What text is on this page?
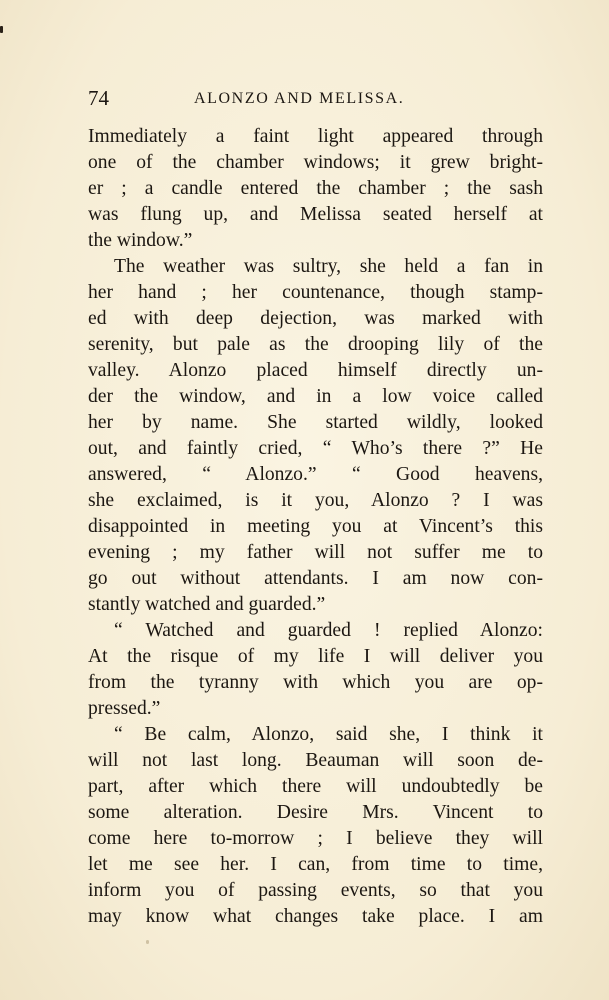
74	ALONZO AND MELISSA.
Immediately a faint light appeared through
one of the chamber windows; it grew bright-
er ; a candle entered the chamber ; the sash
was flung up, and Melissa seated herself at
the window.”
The weather was sultry, she held a fan in
her hand ; her countenance, though stamp-
ed with deep dejection, was marked with
serenity, but pale as the drooping lily of the
valley. Alonzo placed himself directly un-
der the window, and in a low voice called
her by name. She started wildly, looked
out, and faintly cried, “ Who’s there ?” He
answered, “ Alonzo.” “ Good heavens,
she exclaimed, is it you, Alonzo ? I was
disappointed in meeting you at Vincent’s this
evening ; my father will not suffer me to
go out without attendants. I am now con-
stantly watched and guarded.”
“ Watched and guarded ! replied Alonzo:
At the risque of my life I will deliver you
from the tyranny with which you are op-
pressed.”
“ Be calm, Alonzo, said she, I think it
will not last long. Beauman will soon de-
part, after which there will undoubtedly be
some alteration. Desire Mrs. Vincent to
come here to-morrow ; I believe they will
let me see her. I can, from time to time,
inform you of passing events, so that you
may know what changes take place. I am
